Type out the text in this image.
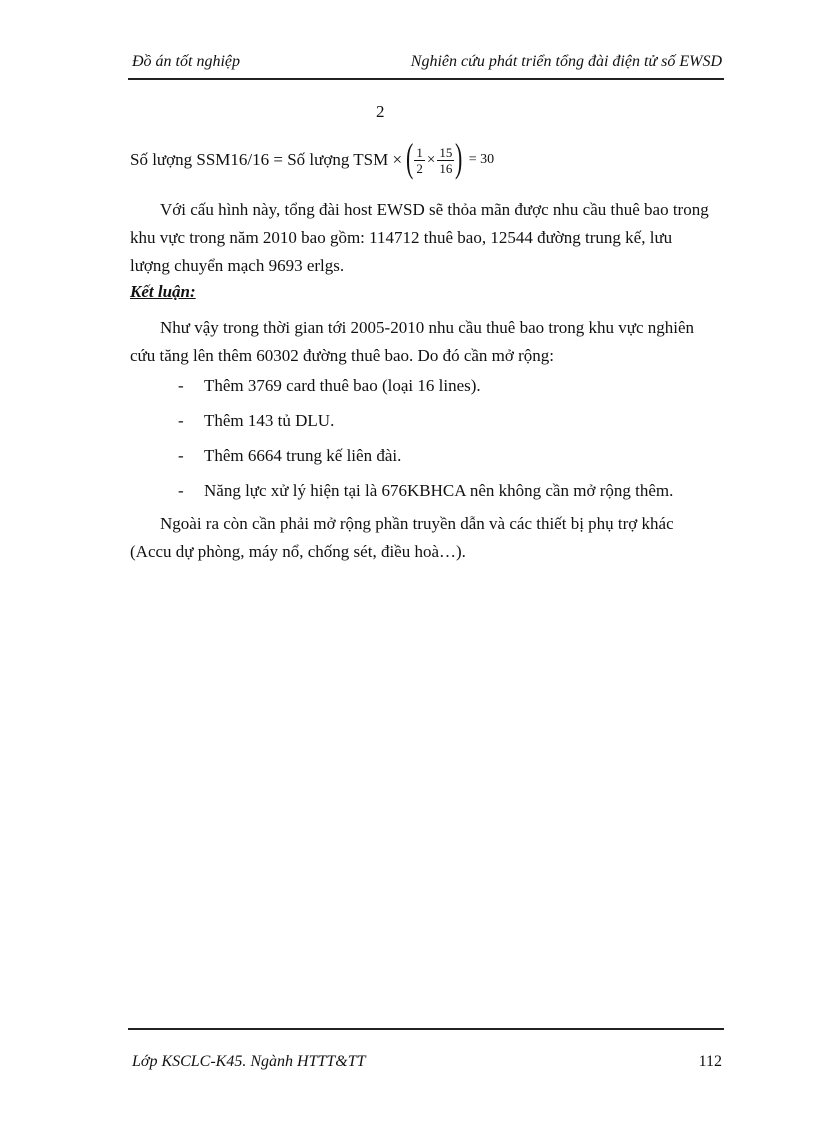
Đồ án tốt nghiệp	Nghiên cứu phát triển tổng đài điện tử số EWSD
2
Số lượng SSM16/16 = Số lượng TSM × ( $\frac{1}{2} \times \frac{15}{16}$ ) = 30
Với cấu hình này, tổng đài host EWSD sẽ thỏa mãn được nhu cầu thuê bao trong
khu vực trong năm 2010 bao gồm: 114712 thuê bao, 12544 đường trung kế, lưu
lượng chuyển mạch 9693 erlgs.
Kết luận:
Như vậy trong thời gian tới 2005-2010 nhu cầu thuê bao trong khu vực nghiên
cứu tăng lên thêm 60302 đường thuê bao. Do đó cần mở rộng:
- Thêm 3769 card thuê bao (loại 16 lines).
- Thêm 143 tủ DLU.
- Thêm 6664 trung kế liên đài.
- Năng lực xử lý hiện tại là 676KBHCA nên không cần mở rộng thêm.
Ngoài ra còn cần phải mở rộng phần truyền dẫn và các thiết bị phụ trợ khác
(Accu dự phòng, máy nổ, chống sét, điều hoà…).
Lớp KSCLC-K45. Ngành HTTT&TT	112
